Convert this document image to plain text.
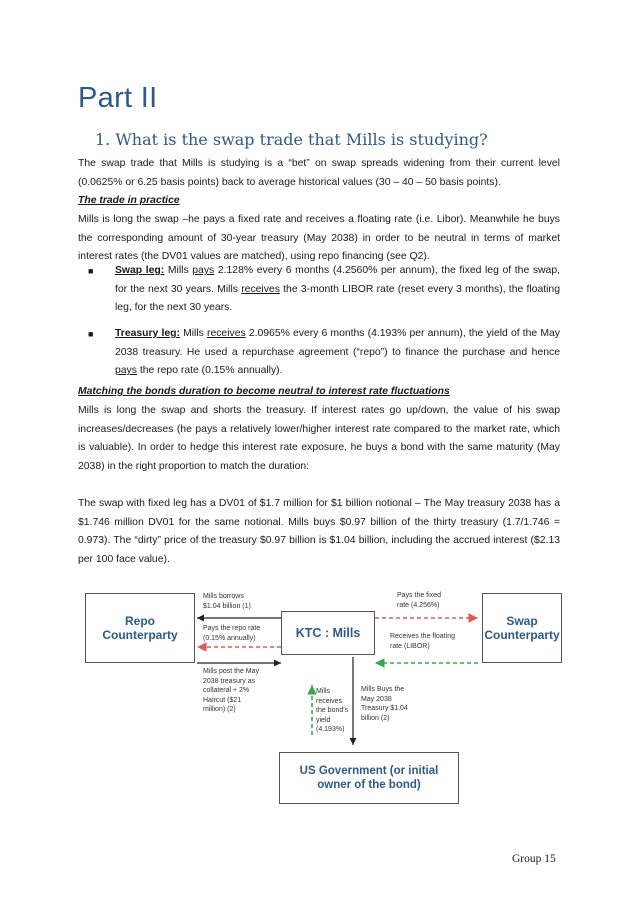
Part II
1. What is the swap trade that Mills is studying?
The swap trade that Mills is studying is a “bet” on swap spreads widening from their current level (0.0625% or 6.25 basis points) back to average historical values (30 – 40 – 50 basis points).
The trade in practice
Mills is long the swap –he pays a fixed rate and receives a floating rate (i.e. Libor). Meanwhile he buys the corresponding amount of 30-year treasury (May 2038) in order to be neutral in terms of market interest rates (the DV01 values are matched), using repo financing (see Q2).
■ Swap leg: Mills pays 2.128% every 6 months (4.2560% per annum), the fixed leg of the swap, for the next 30 years. Mills receives the 3-month LIBOR rate (reset every 3 months), the floating leg, for the next 30 years.
■ Treasury leg: Mills receives 2.0965% every 6 months (4.193% per annum), the yield of the May 2038 treasury. He used a repurchase agreement (“repo”) to finance the purchase and hence pays the repo rate (0.15% annually).
Matching the bonds duration to become neutral to interest rate fluctuations
Mills is long the swap and shorts the treasury. If interest rates go up/down, the value of his swap increases/decreases (he pays a relatively lower/higher interest rate compared to the market rate, which is valuable). In order to hedge this interest rate exposure, he buys a bond with the same maturity (May 2038) in the right proportion to match the duration:
The swap with fixed leg has a DV01 of $1.7 million for $1 billion notional – The May treasury 2038 has a $1.746 million DV01 for the same notional. Mills buys $0.97 billion of the thirty treasury (1.7/1.746 = 0.973). The “dirty” price of the treasury $0.97 billion is $1.04 billion, including the accrued interest ($2.13 per 100 face value).
Repo
Counterparty	KTC : Mills
Swap
Counterparty
US Government (or initial
owner of the bond)
Mills borrows
$1.04 billion (1)
Pays the repo rate
(0.15% annually)
Mills post the May
2038 treasury as
collateral + 2%
Haircut ($21
million) (2)
Pays the fixed
rate (4.256%)
Receives the floating
rate (LIBOR)
Mills
receives
the bond's
yield
(4.193%)
Mills Buys the
May 2038
Treasury $1.04
billion (2)
Group 15
